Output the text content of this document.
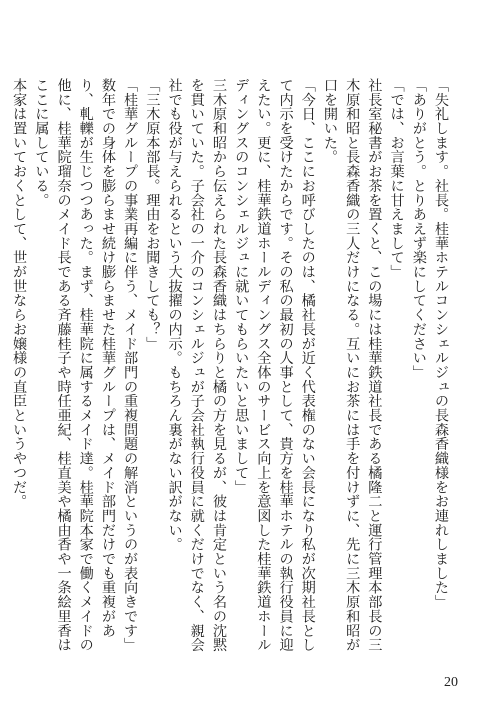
「失礼します。社長。桂華ホテルコンシェルジュの長森香織様をお連れしました」

「ありがとう。とりあえず楽にしてください」

「では、お言葉に甘えまして」

社長室秘書がお茶を置くと、この場には桂華鉄道社長である橘隆二と運行管理本部長の三木原和昭と長森香織の三人だけになる。互いにお茶には手を付けずに、先に三木原和昭が口を開いた。

「今日、ここにお呼びしたのは、橘社長が近く代表権のない会長になり私が次期社長として内示を受けたからです。その私の最初の人事として、貴方を桂華ホテルの執行役員に迎えたい。更に、桂華鉄道ホールディングス全体のサービス向上を意図した桂華鉄道ホールディングスのコンシェルジュに就いてもらいたいと思いまして」

三木原和昭から伝えられた長森香織はちらりと橘の方を見るが、彼は肯定という名の沈黙を貫いていた。子会社の一介のコンシェルジュが子会社執行役員に就くだけでなく、親会社でも役が与えられるという大抜擢の内示。もちろん裏がない訳がない。

「三木原本部長。理由をお聞きしても？」

「桂華グループの事業再編に伴う、メイド部門の重複問題の解消というのが表向きです」

数年での身体を膨らませ続け膨らませた桂華グループは、メイド部門だけでも重複があり、軋轢が生じつつあった。まず、桂華院に属するメイド達。桂華院本家で働くメイドの他に、桂華院瑠奈のメイド長である斉藤桂子や時任亜紀、桂直美や橘由香や一条絵里香はここに属している。

本家は置いておくとして、世が世ならお嬢様の直臣というやつだ。

20
